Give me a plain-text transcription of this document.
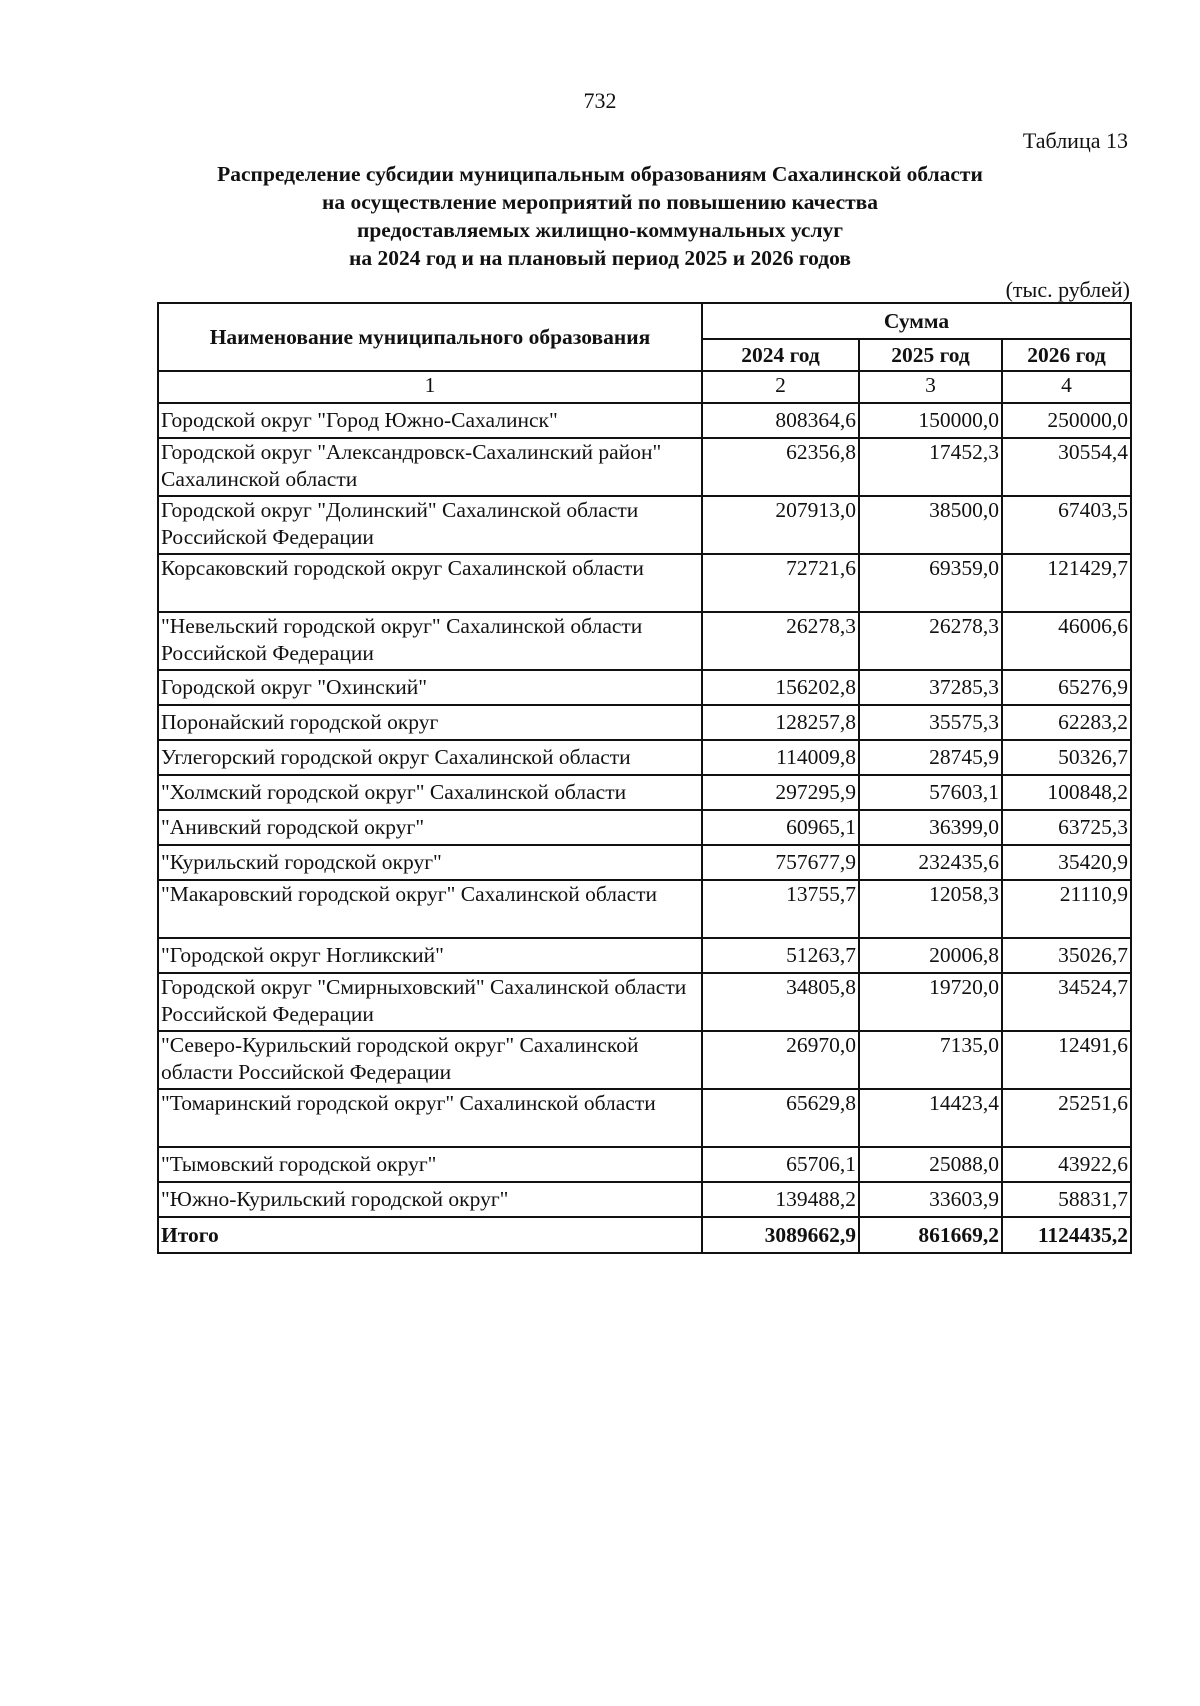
732
Таблица 13
Распределение субсидии муниципальным образованиям Сахалинской области
на осуществление мероприятий по повышению качества
предоставляемых жилищно-коммунальных услуг
на 2024 год и на плановый период 2025 и 2026 годов
(тыс. рублей)
Наименование муниципального образования	Сумма		
	2024 год	2025 год	2026 год
1	2	3	4
Городской округ "Город Южно-Сахалинск"	808364,6	150000,0	250000,0
Городской округ "Александровск-Сахалинский район" Сахалинской области	62356,8	17452,3	30554,4
Городской округ "Долинский" Сахалинской области Российской Федерации	207913,0	38500,0	67403,5
Корсаковский городской округ Сахалинской области	72721,6	69359,0	121429,7
"Невельский городской округ" Сахалинской области Российской Федерации	26278,3	26278,3	46006,6
Городской округ "Охинский"	156202,8	37285,3	65276,9
Поронайский городской округ	128257,8	35575,3	62283,2
Углегорский городской округ Сахалинской области	114009,8	28745,9	50326,7
"Холмский городской округ" Сахалинской области	297295,9	57603,1	100848,2
"Анивский городской округ"	60965,1	36399,0	63725,3
"Курильский городской округ"	757677,9	232435,6	35420,9
"Макаровский городской округ" Сахалинской области	13755,7	12058,3	21110,9
"Городской округ Ногликский"	51263,7	20006,8	35026,7
Городской округ "Смирныховский" Сахалинской области Российской Федерации	34805,8	19720,0	34524,7
"Северо-Курильский городской округ" Сахалинской области Российской Федерации	26970,0	7135,0	12491,6
"Томаринский городской округ" Сахалинской области	65629,8	14423,4	25251,6
"Тымовский городской округ"	65706,1	25088,0	43922,6
"Южно-Курильский городской округ"	139488,2	33603,9	58831,7
Итого	3089662,9	861669,2	1124435,2
